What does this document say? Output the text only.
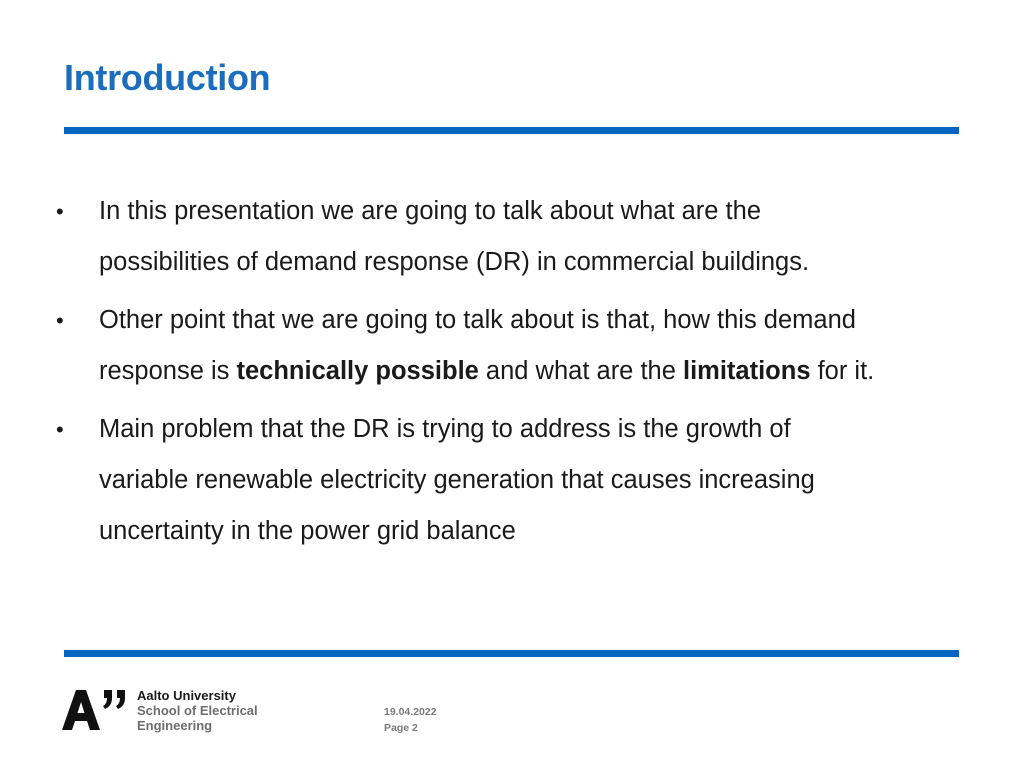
Introduction
• In this presentation we are going to talk about what are the
possibilities of demand response (DR) in commercial buildings.
• Other point that we are going to talk about is that, how this demand
response is technically possible and what are the limitations for it.
• Main problem that the DR is trying to address is the growth of
variable renewable electricity generation that causes increasing
uncertainty in the power grid balance
Aalto University
School of Electrical
Engineering
19.04.2022
Page 2
